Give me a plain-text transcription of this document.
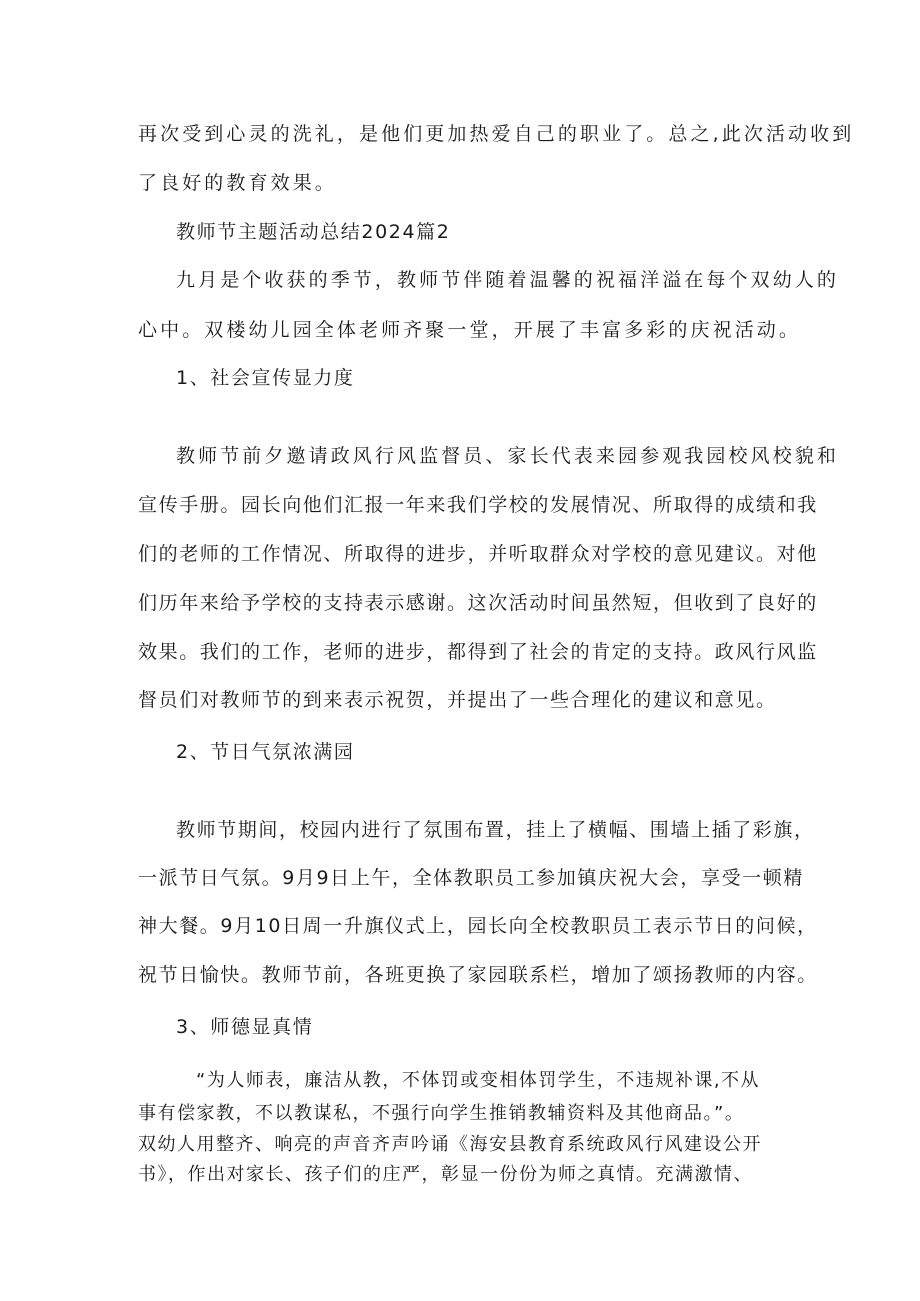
再次受到心灵的洗礼，是他们更加热爱自己的职业了。总之,此次活动收到
了良好的教育效果。
教师节主题活动总结2024篇2
九月是个收获的季节，教师节伴随着温馨的祝福洋溢在每个双幼人的
心中。双楼幼儿园全体老师齐聚一堂，开展了丰富多彩的庆祝活动。
1、社会宣传显力度
教师节前夕邀请政风行风监督员、家长代表来园参观我园校风校貌和
宣传手册。园长向他们汇报一年来我们学校的发展情况、所取得的成绩和我
们的老师的工作情况、所取得的进步，并听取群众对学校的意见建议。对他
们历年来给予学校的支持表示感谢。这次活动时间虽然短，但收到了良好的
效果。我们的工作，老师的进步，都得到了社会的肯定的支持。政风行风监
督员们对教师节的到来表示祝贺，并提出了一些合理化的建议和意见。
2、节日气氛浓满园
教师节期间，校园内进行了氛围布置，挂上了横幅、围墙上插了彩旗，
一派节日气氛。9月9日上午，全体教职员工参加镇庆祝大会，享受一顿精
神大餐。9月10日周一升旗仪式上，园长向全校教职员工表示节日的问候，
祝节日愉快。教师节前，各班更换了家园联系栏，增加了颂扬教师的内容。
3、师德显真情
“为人师表，廉洁从教，不体罚或变相体罚学生，不违规补课,不从
事有偿家教，不以教谋私，不强行向学生推销教辅资料及其他商品。”。
双幼人用整齐、响亮的声音齐声吟诵《海安县教育系统政风行风建设公开
书》，作出对家长、孩子们的庄严，彰显一份份为师之真情。充满激情、
